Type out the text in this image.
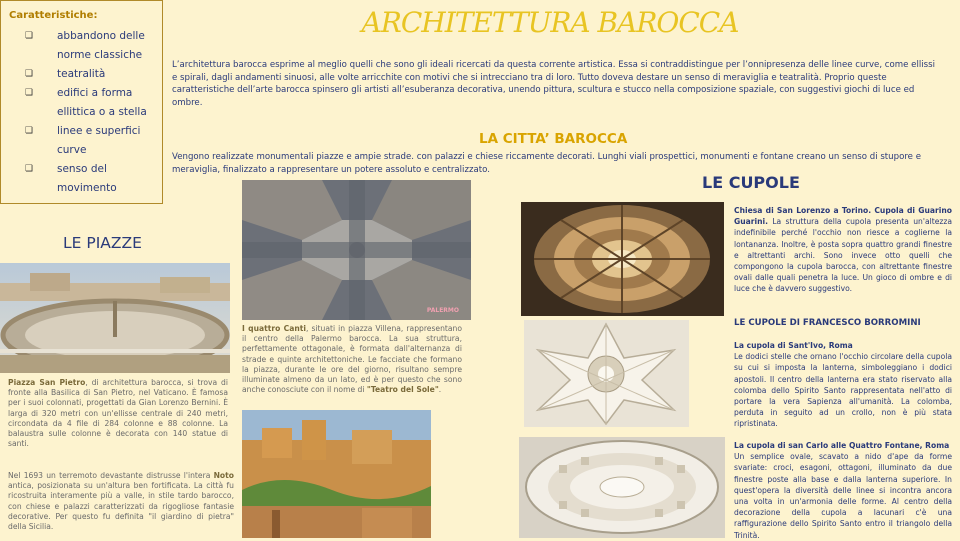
Caratteristiche:
❏ abbandono delle norme classiche
❏ teatralità
❏ edifici a forma ellittica o a stella
❏ linee e superfici curve
❏ senso del movimento
ARCHITETTURA BAROCCA
L’architettura barocca esprime al meglio quelli che sono gli ideali ricercati da questa corrente artistica. Essa si contraddistingue per l’onnipresenza delle linee curve, come ellissi e spirali, dagli andamenti sinuosi, alle volte arricchite con motivi che si intrecciano tra di loro. Tutto doveva destare un senso di meraviglia e teatralità. Proprio queste caratteristiche dell’arte barocca spinsero gli artisti all’esuberanza decorativa, unendo pittura, scultura e stucco nella composizione spaziale, con suggestivi giochi di luce ed ombre.
LA CITTA’ BAROCCA
Vengono realizzate monumentali piazze e ampie strade. con palazzi e chiese riccamente decorati. Lunghi viali prospettici, monumenti e fontane creano un senso di stupore e meraviglia, finalizzato a rappresentare un potere assoluto e centralizzato.
LE PIAZZE
LE CUPOLE
Piazza San Pietro, di architettura barocca, si trova di fronte alla Basilica di San Pietro, nel Vaticano. È famosa per i suoi colonnati, progettati da Gian Lorenzo Bernini. È larga di 320 metri con un'ellisse centrale di 240 metri, circondata da 4 file di 284 colonne e 88 colonne. La balaustra sulle colonne è decorata con 140 statue di santi.
Nel 1693 un terremoto devastante distrusse l'intera Noto antica, posizionata su un'altura ben fortificata. La città fu ricostruita interamente più a valle, in stile tardo barocco, con chiese e palazzi caratterizzati da rigogliose fantasie decorative. Per questo fu definita "il giardino di pietra" della Sicilia.
PALERMO
I quattro Canti, situati in piazza Villena, rappresentano il centro della Palermo barocca. La sua struttura, perfettamente ottagonale, è formata dall'alternanza di strade e quinte architettoniche. Le facciate che formano la piazza, durante le ore del giorno, risultano sempre illuminate almeno da un lato, ed è per questo che sono anche conosciute con il nome di "Teatro del Sole".
Chiesa di San Lorenzo a Torino. Cupola di Guarino Guarini. La struttura della cupola presenta un'altezza indefinibile perché l'occhio non riesce a coglierne la lontananza. Inoltre, è posta sopra quattro grandi finestre e altrettanti archi. Sono invece otto quelli che compongono la cupola barocca, con altrettante finestre ovali dalle quali penetra la luce. Un gioco di ombre e di luce che è davvero suggestivo.
LE CUPOLE DI FRANCESCO BORROMINI
La cupola di Sant'Ivo, Roma
Le dodici stelle che ornano l'occhio circolare della cupola su cui si imposta la lanterna, simboleggiano i dodici apostoli. Il centro della lanterna era stato riservato alla colomba dello Spirito Santo rappresentata nell'atto di portare la vera Sapienza all'umanità. La colomba, perduta in seguito ad un crollo, non è più stata ripristinata.
La cupola di san Carlo alle Quattro Fontane, Roma
Un semplice ovale, scavato a nido d'ape da forme svariate: croci, esagoni, ottagoni, illuminato da due finestre poste alla base e dalla lanterna superiore. In quest'opera la diversità delle linee si incontra ancora una volta in un'armonia delle forme. Al centro della decorazione della cupola a lacunari c'è una raffigurazione dello Spirito Santo entro il triangolo della Trinità.
